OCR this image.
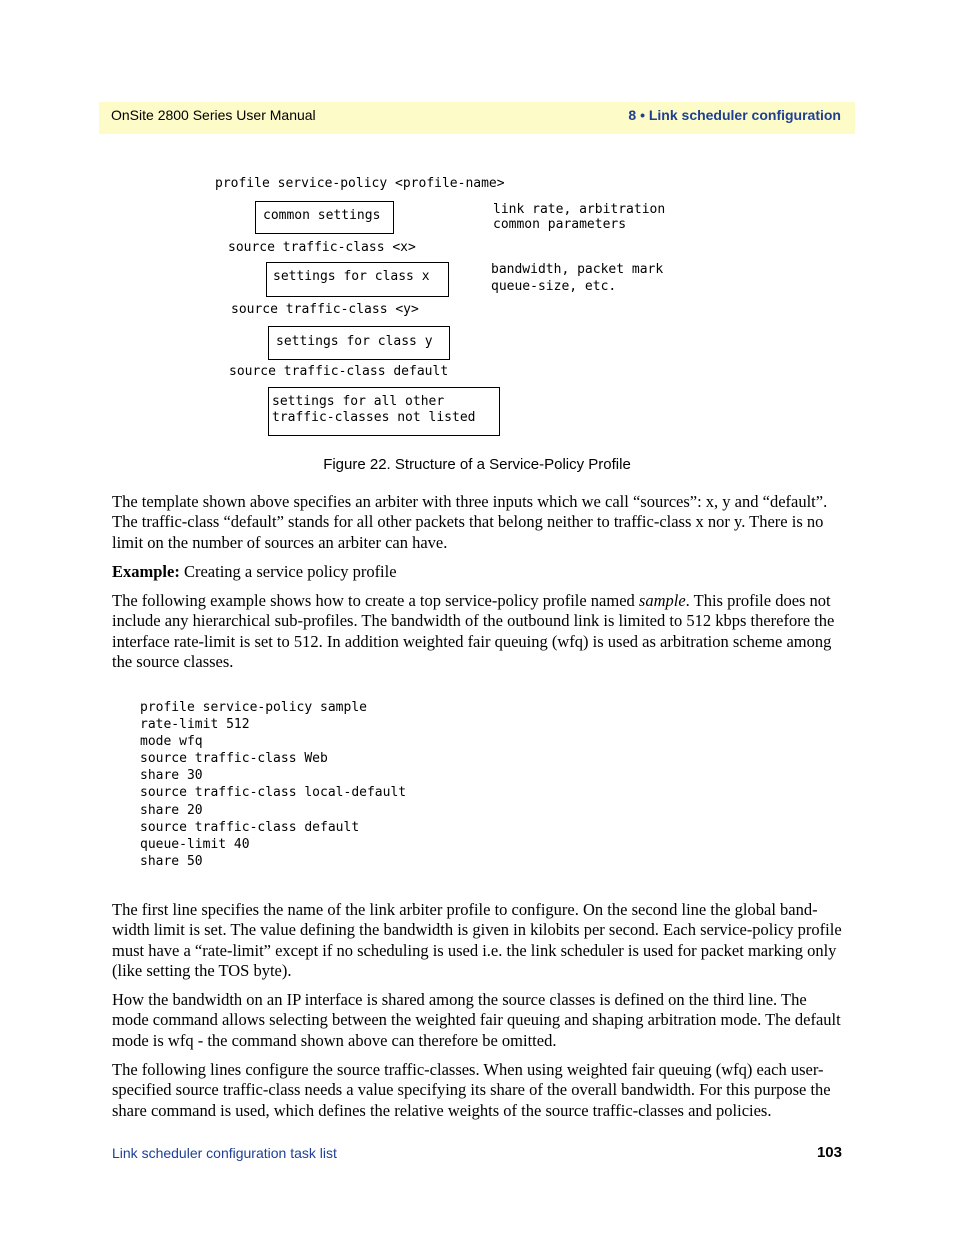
OnSite 2800 Series User Manual	8 • Link scheduler configuration
profile service-policy <profile-name>
common settings	link rate, arbitration
common parameters
source traffic-class <x>
settings for class x	bandwidth, packet mark
queue-size, etc.
source traffic-class <y>
settings for class y
source traffic-class default
settings for all other
traffic-classes not listed
Figure 22. Structure of a Service-Policy Profile

The template shown above specifies an arbiter with three inputs which we call “sources”: x, y and “default”. The traffic-class “default” stands for all other packets that belong neither to traffic-class x nor y. There is no limit on the number of sources an arbiter can have.

Example: Creating a service policy profile

The following example shows how to create a top service-policy profile named sample. This profile does not include any hierarchical sub-profiles. The bandwidth of the outbound link is limited to 512 kbps therefore the interface rate-limit is set to 512. In addition weighted fair queuing (wfq) is used as arbitration scheme among the source classes.

profile service-policy sample
rate-limit 512
mode wfq
source traffic-class Web
share 30
source traffic-class local-default
share 20
source traffic-class default
queue-limit 40
share 50

The first line specifies the name of the link arbiter profile to configure. On the second line the global band-width limit is set. The value defining the bandwidth is given in kilobits per second. Each service-policy profile must have a “rate-limit” except if no scheduling is used i.e. the link scheduler is used for packet marking only (like setting the TOS byte).

How the bandwidth on an IP interface is shared among the source classes is defined on the third line. The mode command allows selecting between the weighted fair queuing and shaping arbitration mode. The default mode is wfq - the command shown above can therefore be omitted.

The following lines configure the source traffic-classes. When using weighted fair queuing (wfq) each user-specified source traffic-class needs a value specifying its share of the overall bandwidth. For this purpose the share command is used, which defines the relative weights of the source traffic-classes and policies.

Link scheduler configuration task list	103
